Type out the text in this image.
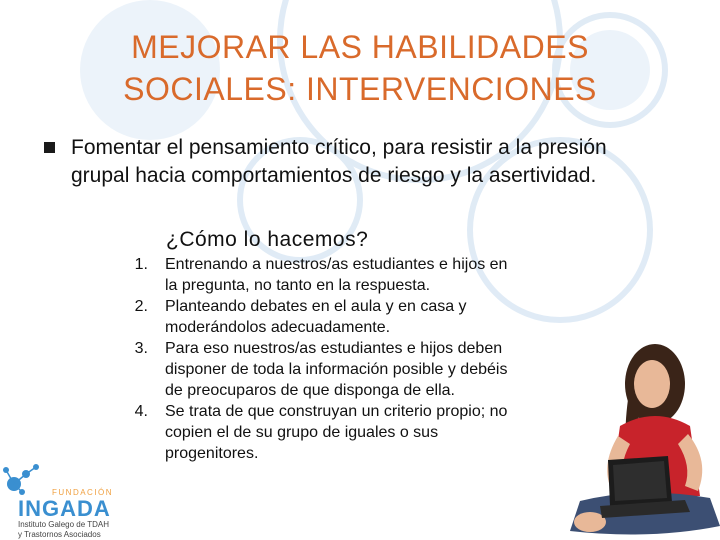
MEJORAR LAS HABILIDADES
SOCIALES: INTERVENCIONES
Fomentar el pensamiento crítico, para resistir a la presión grupal hacia comportamientos de riesgo y la asertividad.
¿Cómo lo hacemos?
1. Entrenando a nuestros/as estudiantes e hijos en la pregunta, no tanto en la respuesta.
2. Planteando debates en el aula y en casa y moderándolos adecuadamente.
3. Para eso nuestros/as estudiantes e hijos deben disponer de toda la información posible y debéis de preocuparos de que disponga de ella.
4. Se trata de que construyan un criterio propio; no copien el de su grupo de iguales o sus progenitores.
FUNDACIÓN
INGADA
Instituto Galego de TDAH
y Trastornos Asociados
